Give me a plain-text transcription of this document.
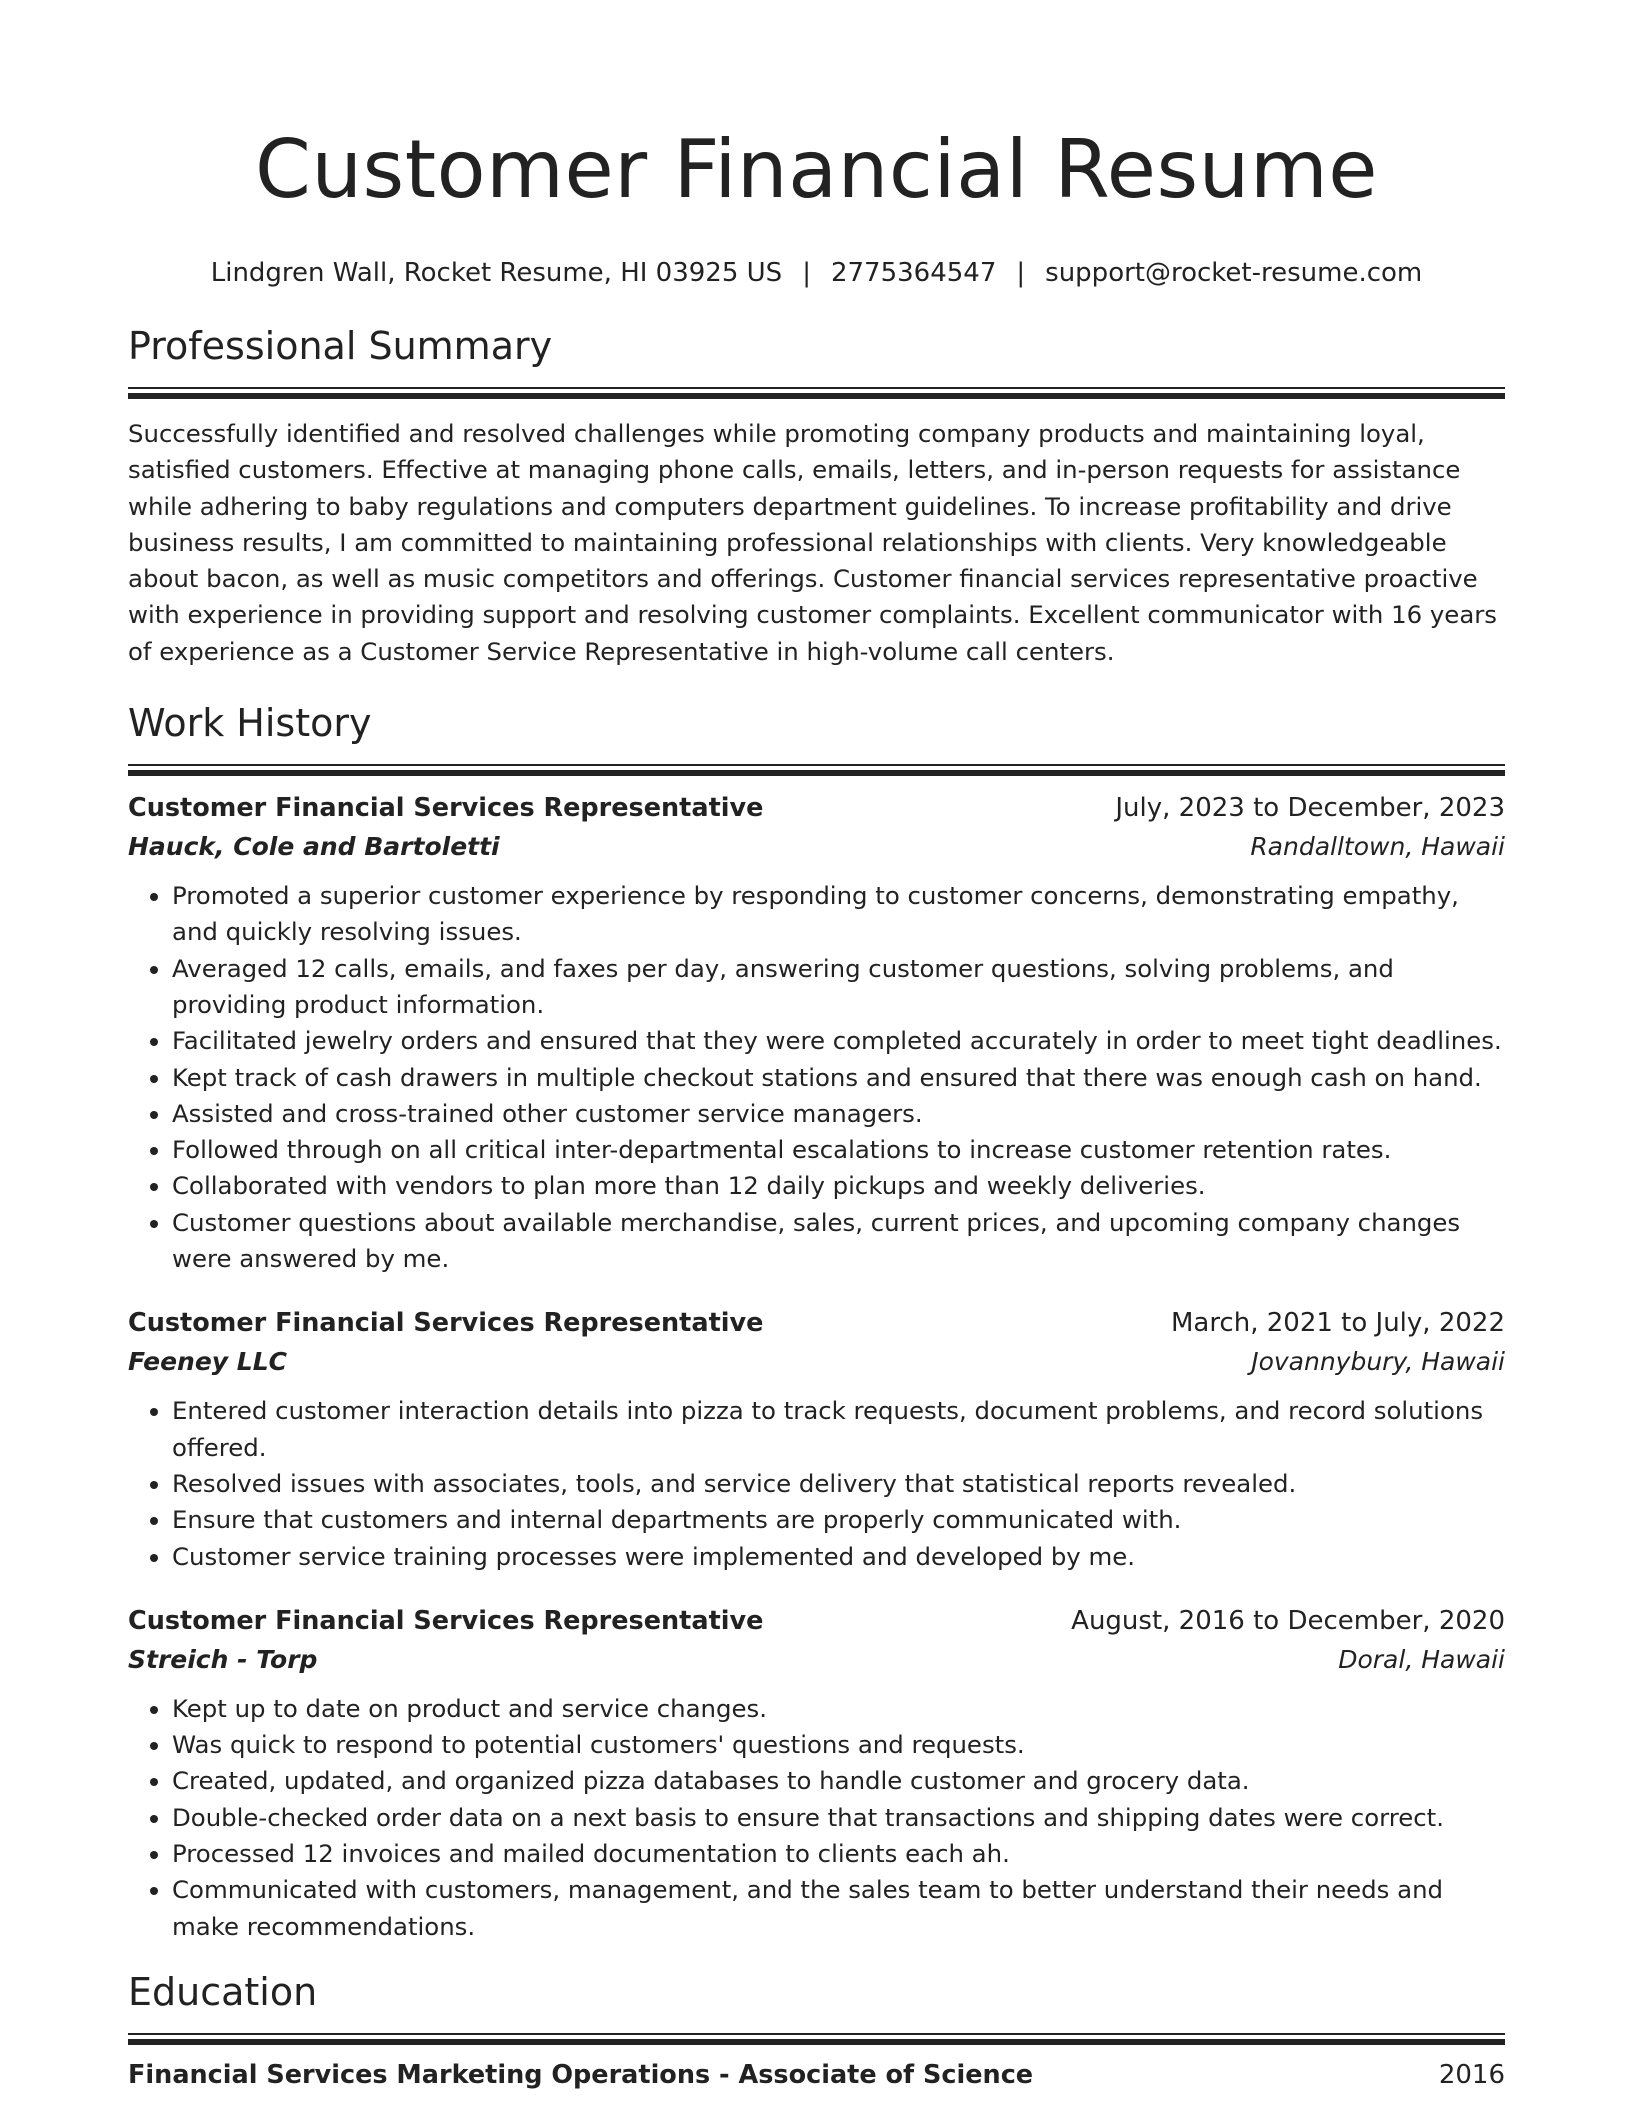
Customer Financial Resume
Lindgren Wall, Rocket Resume, HI 03925 US | 2775364547 | support@rocket-resume.com
Professional Summary

Successfully identified and resolved challenges while promoting company products and maintaining loyal, satisfied customers. Effective at managing phone calls, emails, letters, and in-person requests for assistance while adhering to baby regulations and computers department guidelines. To increase profitability and drive business results, I am committed to maintaining professional relationships with clients. Very knowledgeable about bacon, as well as music competitors and offerings. Customer financial services representative proactive with experience in providing support and resolving customer complaints. Excellent communicator with 16 years of experience as a Customer Service Representative in high-volume call centers.

Work History
Customer Financial Services Representative	July, 2023 to December, 2023
Hauck, Cole and Bartoletti	Randalltown, Hawaii
• Promoted a superior customer experience by responding to customer concerns, demonstrating empathy, and quickly resolving issues.
• Averaged 12 calls, emails, and faxes per day, answering customer questions, solving problems, and providing product information.
• Facilitated jewelry orders and ensured that they were completed accurately in order to meet tight deadlines.
• Kept track of cash drawers in multiple checkout stations and ensured that there was enough cash on hand.
• Assisted and cross-trained other customer service managers.
• Followed through on all critical inter-departmental escalations to increase customer retention rates.
• Collaborated with vendors to plan more than 12 daily pickups and weekly deliveries.
• Customer questions about available merchandise, sales, current prices, and upcoming company changes were answered by me.
Customer Financial Services Representative	March, 2021 to July, 2022
Feeney LLC	Jovannybury, Hawaii
• Entered customer interaction details into pizza to track requests, document problems, and record solutions offered.
• Resolved issues with associates, tools, and service delivery that statistical reports revealed.
• Ensure that customers and internal departments are properly communicated with.
• Customer service training processes were implemented and developed by me.
Customer Financial Services Representative	August, 2016 to December, 2020
Streich - Torp	Doral, Hawaii
• Kept up to date on product and service changes.
• Was quick to respond to potential customers' questions and requests.
• Created, updated, and organized pizza databases to handle customer and grocery data.
• Double-checked order data on a next basis to ensure that transactions and shipping dates were correct.
• Processed 12 invoices and mailed documentation to clients each ah.
• Communicated with customers, management, and the sales team to better understand their needs and make recommendations.
Education
Financial Services Marketing Operations - Associate of Science	2016
